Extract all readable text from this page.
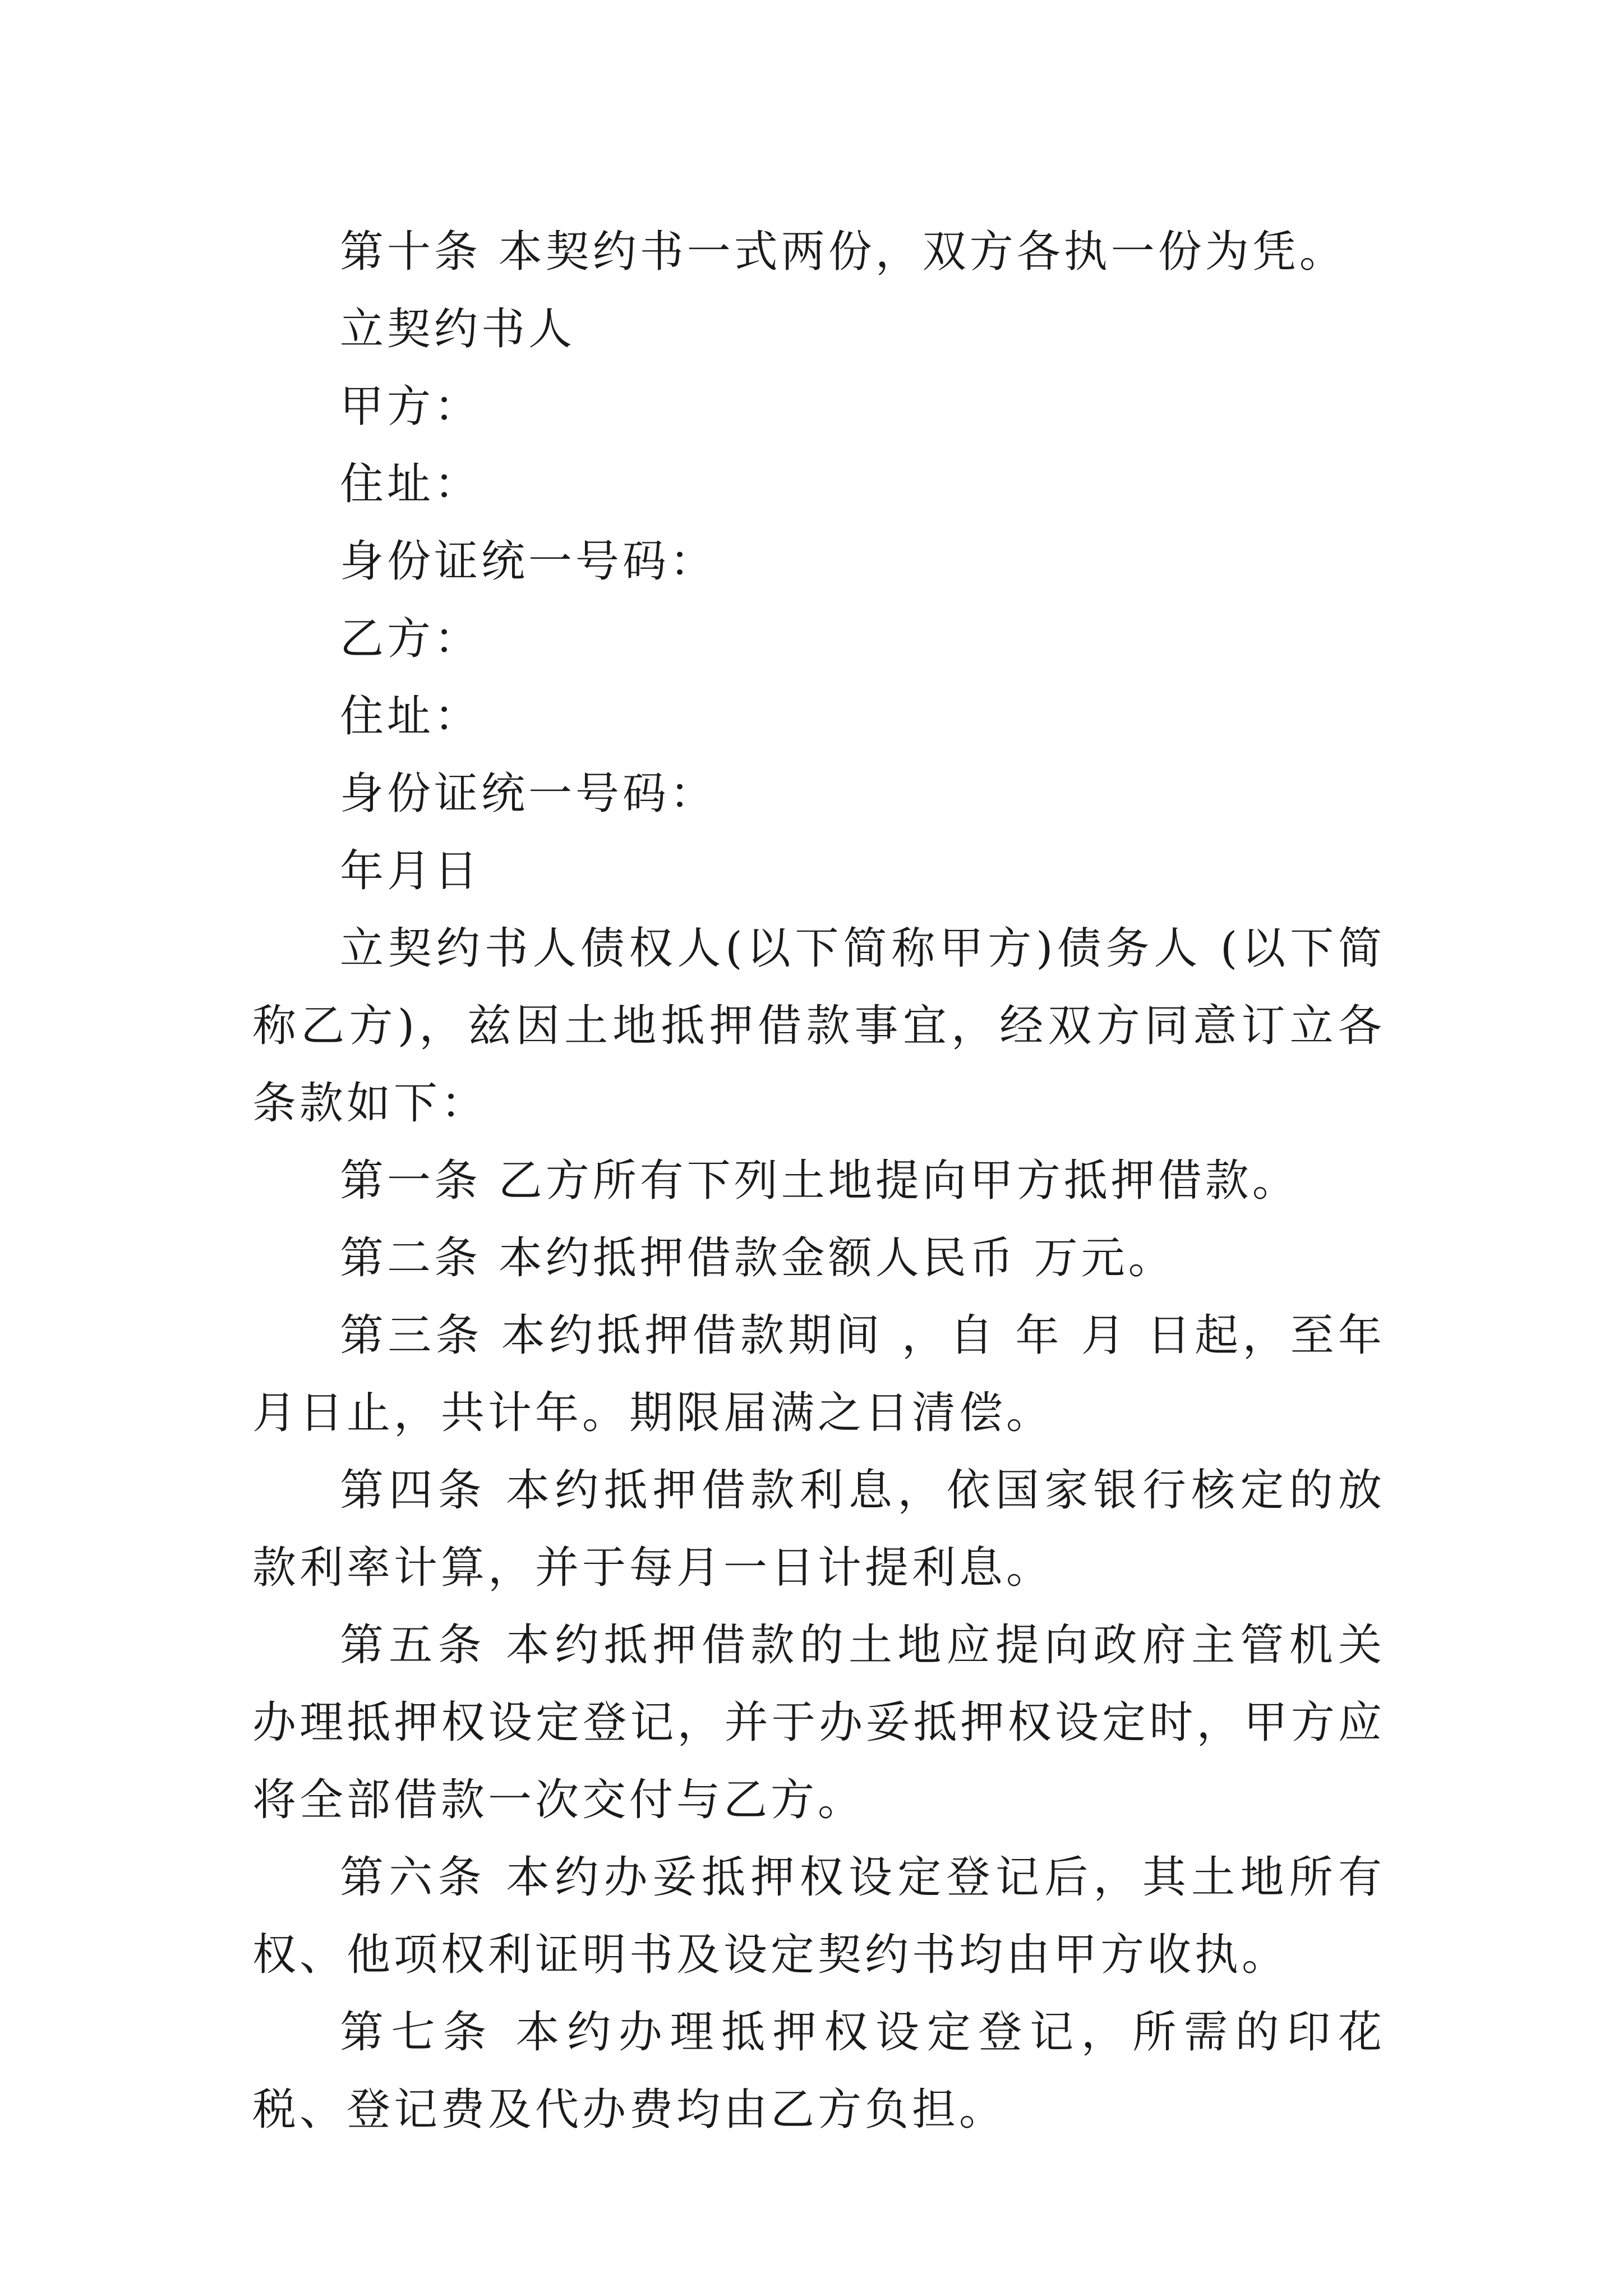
第十条 本契约书一式两份，双方各执一份为凭。

立契约书人

甲方：

住址：

身份证统一号码：

乙方：

住址：

身份证统一号码：

年月日

立契约书人债权人(以下简称甲方)债务人 (以下简称乙方)，兹因土地抵押借款事宜，经双方同意订立各条款如下：

第一条 乙方所有下列土地提向甲方抵押借款。

第二条 本约抵押借款金额人民币 万元。

第三条 本约抵押借款期间 ，自 年 月 日起，至年 月日止，共计年。期限届满之日清偿。

第四条 本约抵押借款利息，依国家银行核定的放款利率计算，并于每月一日计提利息。

第五条 本约抵押借款的土地应提向政府主管机关办理抵押权设定登记，并于办妥抵押权设定时，甲方应将全部借款一次交付与乙方。

第六条 本约办妥抵押权设定登记后，其土地所有权、他项权利证明书及设定契约书均由甲方收执。

第七条 本约办理抵押权设定登记，所需的印花税、登记费及代办费均由乙方负担。
